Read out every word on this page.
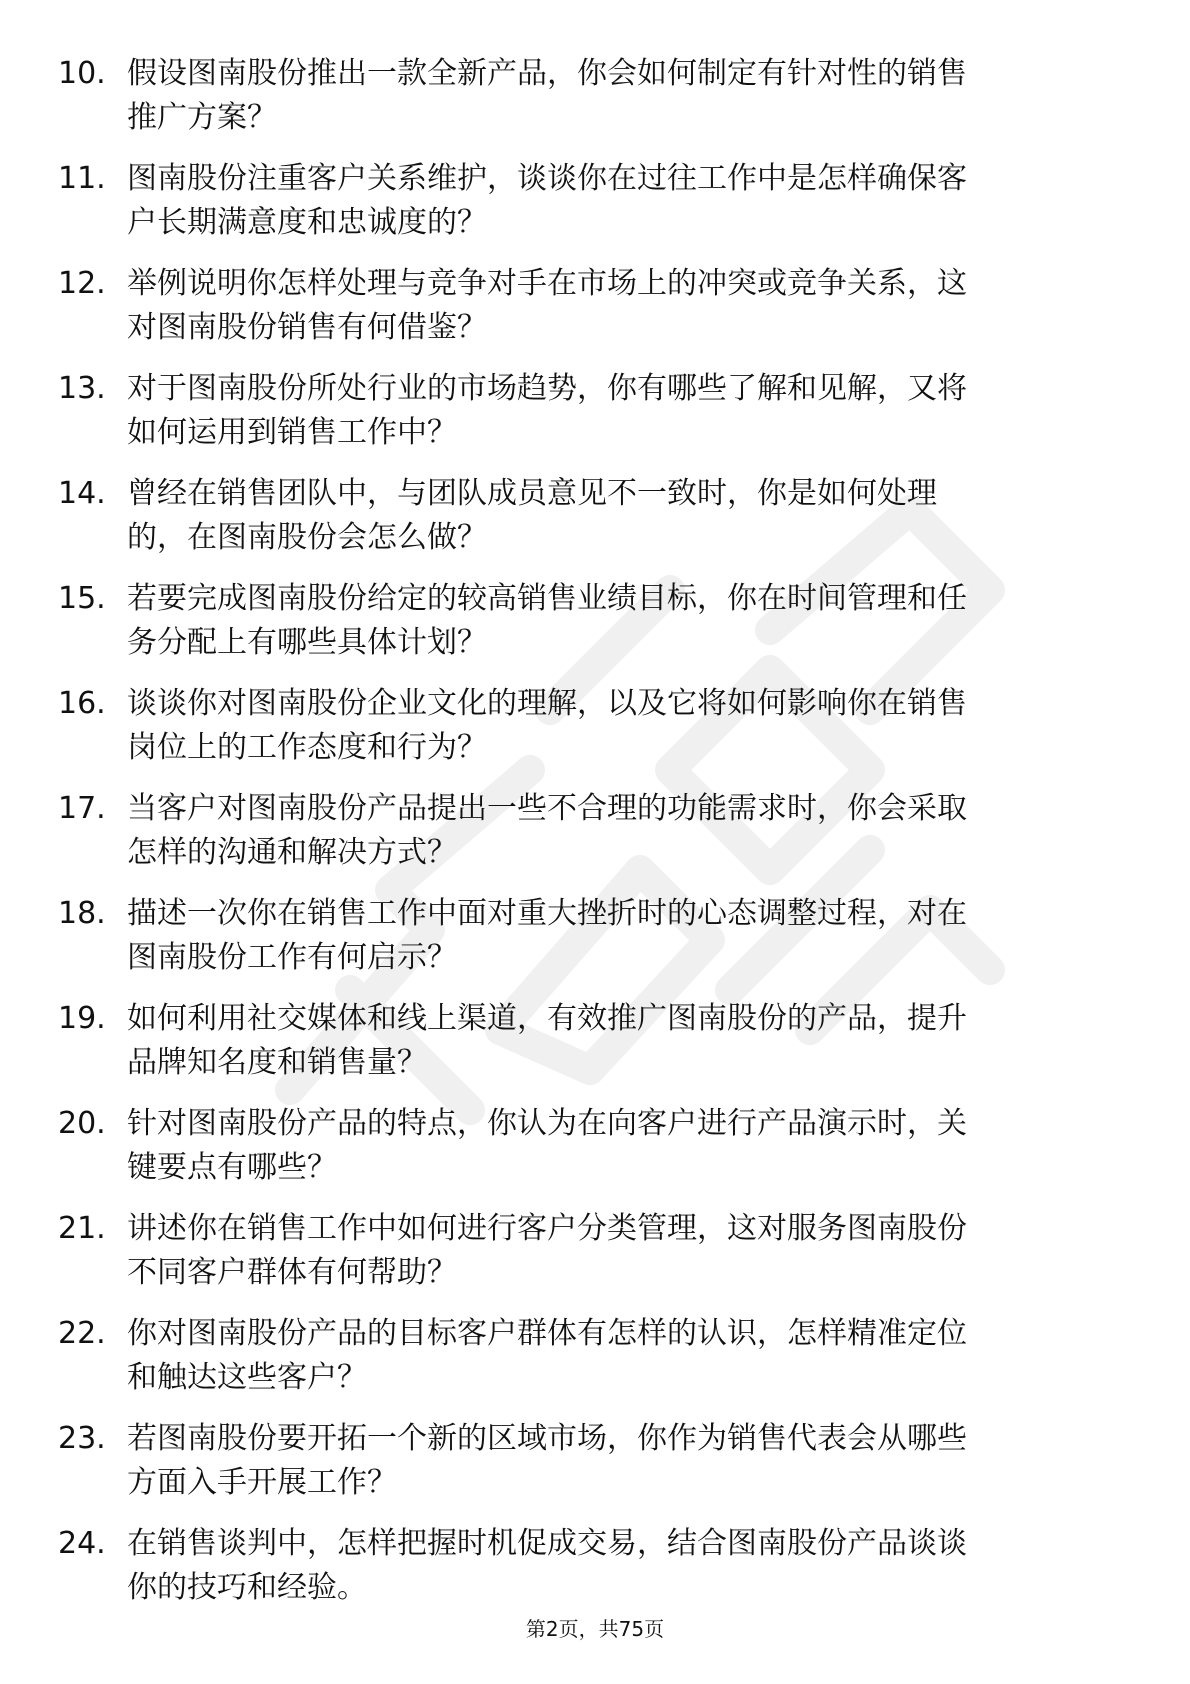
10. 假设图南股份推出一款全新产品，你会如何制定有针对性的销售
推广方案？
11. 图南股份注重客户关系维护，谈谈你在过往工作中是怎样确保客
户长期满意度和忠诚度的？
12. 举例说明你怎样处理与竞争对手在市场上的冲突或竞争关系，这
对图南股份销售有何借鉴？
13. 对于图南股份所处行业的市场趋势，你有哪些了解和见解，又将
如何运用到销售工作中？
14. 曾经在销售团队中，与团队成员意见不一致时，你是如何处理
的，在图南股份会怎么做？
15. 若要完成图南股份给定的较高销售业绩目标，你在时间管理和任
务分配上有哪些具体计划？
16. 谈谈你对图南股份企业文化的理解，以及它将如何影响你在销售
岗位上的工作态度和行为？
17. 当客户对图南股份产品提出一些不合理的功能需求时，你会采取
怎样的沟通和解决方式？
18. 描述一次你在销售工作中面对重大挫折时的心态调整过程，对在
图南股份工作有何启示？
19. 如何利用社交媒体和线上渠道，有效推广图南股份的产品，提升
品牌知名度和销售量？
20. 针对图南股份产品的特点，你认为在向客户进行产品演示时，关
键要点有哪些？
21. 讲述你在销售工作中如何进行客户分类管理，这对服务图南股份
不同客户群体有何帮助？
22. 你对图南股份产品的目标客户群体有怎样的认识，怎样精准定位
和触达这些客户？
23. 若图南股份要开拓一个新的区域市场，你作为销售代表会从哪些
方面入手开展工作？
24. 在销售谈判中，怎样把握时机促成交易，结合图南股份产品谈谈
你的技巧和经验。
第2页，共75页
